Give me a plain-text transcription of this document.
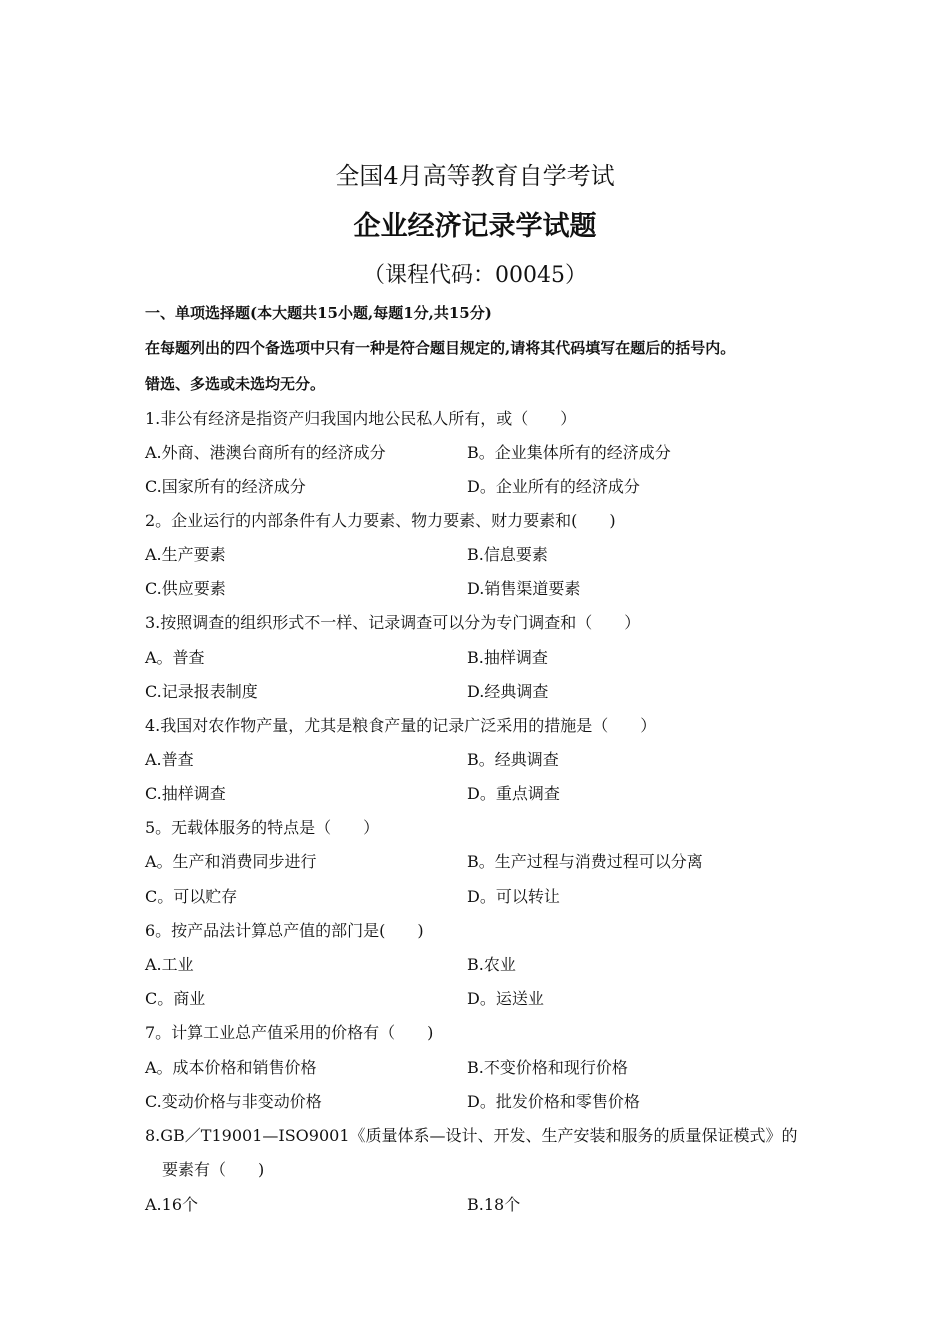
全国4月高等教育自学考试
企业经济记录学试题
（课程代码：00045）
一、单项选择题(本大题共15小题,每题1分,共15分)
在每题列出的四个备选项中只有一种是符合题目规定的,请将其代码填写在题后的括号内。
错选、多选或未选均无分。
1.非公有经济是指资产归我国内地公民私人所有，或（　　）
A.外商、港澳台商所有的经济成分	B。企业集体所有的经济成分
C.国家所有的经济成分	D。企业所有的经济成分
2。企业运行的内部条件有人力要素、物力要素、财力要素和(　　)
A.生产要素	B.信息要素
C.供应要素	D.销售渠道要素
3.按照调查的组织形式不一样、记录调查可以分为专门调查和（　　）
A。普查	B.抽样调查
C.记录报表制度	D.经典调查
4.我国对农作物产量，尤其是粮食产量的记录广泛采用的措施是（　　）
A.普查	B。经典调查
C.抽样调查	D。重点调查
5。无载体服务的特点是（　　）
A。生产和消费同步进行	B。生产过程与消费过程可以分离
C。可以贮存	D。可以转让
6。按产品法计算总产值的部门是(　　)
A.工业	B.农业
C。商业	D。运送业
7。计算工业总产值采用的价格有（　　)
A。成本价格和销售价格	B.不变价格和现行价格
C.变动价格与非变动价格	D。批发价格和零售价格
8.GB／T19001—ISO9001《质量体系—设计、开发、生产安装和服务的质量保证模式》的
要素有（　　)
A.16个	B.18个
